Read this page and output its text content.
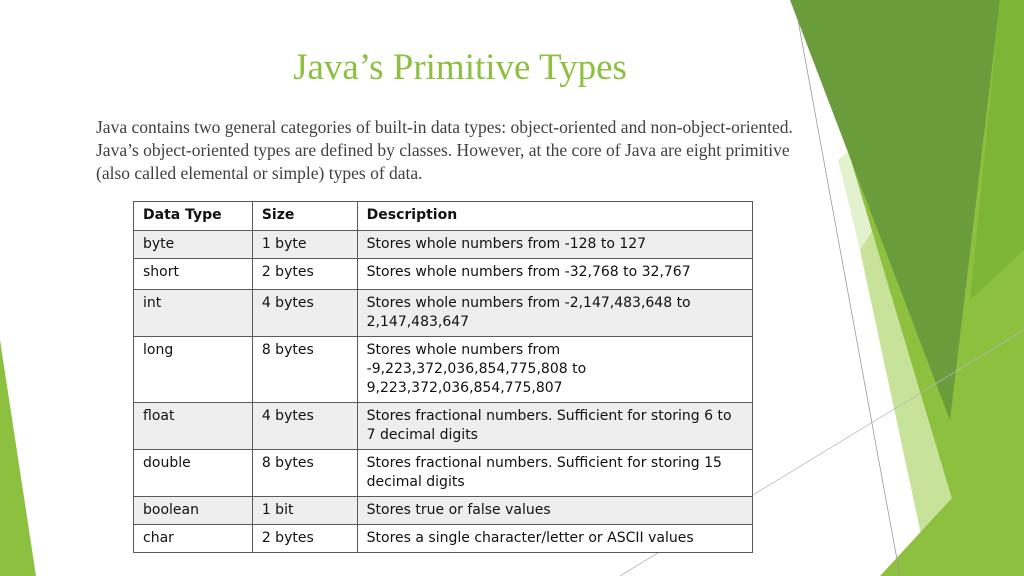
Java’s Primitive Types

Java contains two general categories of built-in data types: object-oriented and non-object-oriented. Java’s object-oriented types are defined by classes. However, at the core of Java are eight primitive (also called elemental or simple) types of data.

Data Type	Size	Description
byte	1 byte	Stores whole numbers from -128 to 127
short	2 bytes	Stores whole numbers from -32,768 to 32,767
int	4 bytes	Stores whole numbers from -2,147,483,648 to 2,147,483,647
long	8 bytes	Stores whole numbers from -9,223,372,036,854,775,808 to 9,223,372,036,854,775,807
float	4 bytes	Stores fractional numbers. Sufficient for storing 6 to 7 decimal digits
double	8 bytes	Stores fractional numbers. Sufficient for storing 15 decimal digits
boolean	1 bit	Stores true or false values
char	2 bytes	Stores a single character/letter or ASCII values
